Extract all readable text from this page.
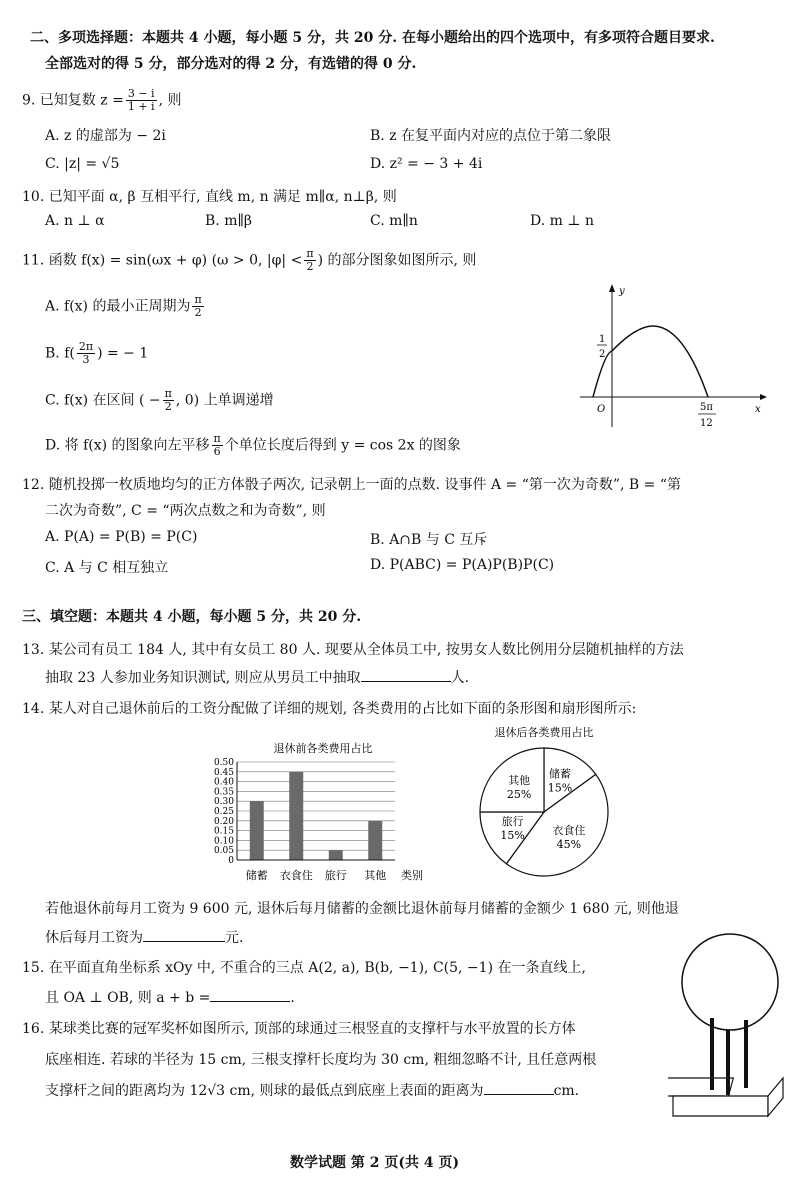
二、多项选择题：本题共 4 小题，每小题 5 分，共 20 分. 在每小题给出的四个选项中，有多项符合题目要求.
全部选对的得 5 分，部分选对的得 2 分，有选错的得 0 分.
9. 已知复数 $z = \frac{3 - i}{1 + i}$ , 则
A. z 的虚部为 − 2i	B. z 在复平面内对应的点位于第二象限
C. |z| = √5	D. z² = − 3 + 4i
10. 已知平面 α, β 互相平行, 直线 m, n 满足 m∥α, n⊥β, 则
A. n ⊥ α	B. m∥β	C. m∥n	D. m ⊥ n
11. 函数 f(x) = sin(ωx + φ) (ω > 0, $|\varphi| < \frac{\pi}{2}$ ) 的部分图象如图所示, 则
A. f(x) 的最小正周期为 $\frac{\pi}{2}$
B. $f( \frac{2\pi}{3}$ ) = − 1
C. f(x) 在区间 ( − $\frac{\pi}{2}$ , 0) 上单调递增
D. 将 f(x) 的图象向左平移 $\frac{\pi}{6}$ 个单位长度后得到 y = cos 2x 的图象
y
x
O
1
2
5π
12
12. 随机投掷一枚质地均匀的正方体骰子两次, 记录朝上一面的点数. 设事件 A = “第一次为奇数”, B = “第
二次为奇数”, C = “两次点数之和为奇数”, 则
A. P(A) = P(B) = P(C)	B. A∩B 与 C 互斥
C. A 与 C 相互独立	D. P(ABC) = P(A)P(B)P(C)
三、填空题：本题共 4 小题，每小题 5 分，共 20 分.
13. 某公司有员工 184 人, 其中有女员工 80 人. 现要从全体员工中, 按男女人数比例用分层随机抽样的方法
抽取 23 人参加业务知识测试, 则应从男员工中抽取	人.
14. 某人对自己退休前后的工资分配做了详细的规划, 各类费用的占比如下面的条形图和扇形图所示:
退休前各类费用占比
0
0.05
0.10
0.15
0.20
0.25
0.30
0.35
0.40
0.45
0.50
储蓄 衣食住 旅行 其他 类别
退休后各类费用占比
储蓄
15%
衣食住
45%
旅行
15%
其他
25%
若他退休前每月工资为 9 600 元, 退休后每月储蓄的金额比退休前每月储蓄的金额少 1 680 元, 则他退
休后每月工资为	元.
15. 在平面直角坐标系 xOy 中, 不重合的三点 A(2, a), B(b, −1), C(5, −1) 在一条直线上,
且 OA ⊥ OB, 则 a + b =	.
16. 某球类比赛的冠军奖杯如图所示, 顶部的球通过三根竖直的支撑杆与水平放置的长方体
底座相连. 若球的半径为 15 cm, 三根支撑杆长度均为 30 cm, 粗细忽略不计, 且任意两根
支撑杆之间的距离均为 12√3 cm, 则球的最低点到底座上表面的距离为	cm.
数学试题 第 2 页(共 4 页)
